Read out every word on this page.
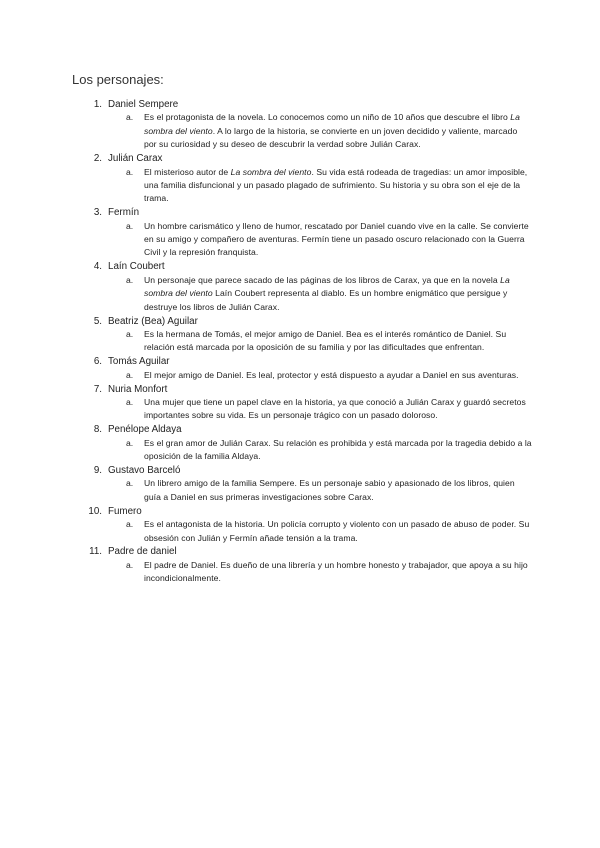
Los personajes:
1. Daniel Sempere
a.	Es el protagonista de la novela. Lo conocemos como un niño de 10 años que descubre el libro La sombra del viento. A lo largo de la historia, se convierte en un joven decidido y valiente, marcado por su curiosidad y su deseo de descubrir la verdad sobre Julián Carax.
2. Julián Carax
a.	El misterioso autor de La sombra del viento. Su vida está rodeada de tragedias: un amor imposible, una familia disfuncional y un pasado plagado de sufrimiento. Su historia y su obra son el eje de la trama.
3. Fermín
a.	Un hombre carismático y lleno de humor, rescatado por Daniel cuando vive en la calle. Se convierte en su amigo y compañero de aventuras. Fermín tiene un pasado oscuro relacionado con la Guerra Civil y la represión franquista.
4. Laín Coubert
a.	Un personaje que parece sacado de las páginas de los libros de Carax, ya que en la novela La sombra del viento Laín Coubert representa al diablo. Es un hombre enigmático que persigue y destruye los libros de Julián Carax.
5. Beatriz (Bea) Aguilar
a.	Es la hermana de Tomás, el mejor amigo de Daniel. Bea es el interés romántico de Daniel. Su relación está marcada por la oposición de su familia y por las dificultades que enfrentan.
6. Tomás Aguilar
a.	El mejor amigo de Daniel. Es leal, protector y está dispuesto a ayudar a Daniel en sus aventuras.
7. Nuria Monfort
a.	Una mujer que tiene un papel clave en la historia, ya que conoció a Julián Carax y guardó secretos importantes sobre su vida. Es un personaje trágico con un pasado doloroso.
8. Penélope Aldaya
a.	Es el gran amor de Julián Carax. Su relación es prohibida y está marcada por la tragedia debido a la oposición de la familia Aldaya.
9. Gustavo Barceló
a.	Un librero amigo de la familia Sempere. Es un personaje sabio y apasionado de los libros, quien guía a Daniel en sus primeras investigaciones sobre Carax.
10. Fumero
a.	Es el antagonista de la historia. Un policía corrupto y violento con un pasado de abuso de poder. Su obsesión con Julián y Fermín añade tensión a la trama.
11. Padre de daniel
a.	El padre de Daniel. Es dueño de una librería y un hombre honesto y trabajador, que apoya a su hijo incondicionalmente.
